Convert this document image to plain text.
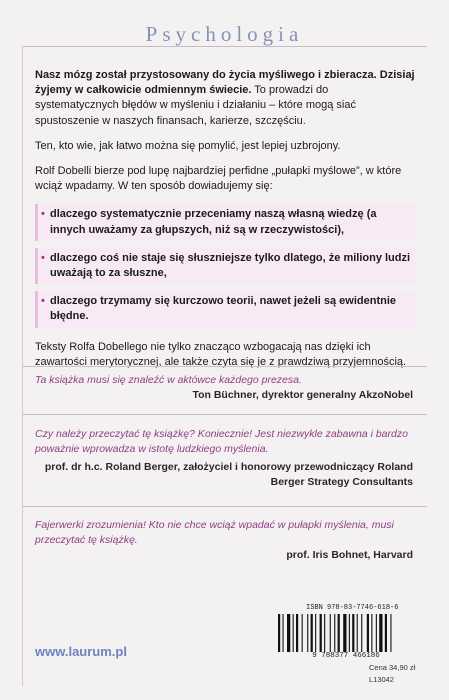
Psychologia

Nasz mózg został przystosowany do życia myśliwego i zbieracza. Dzisiaj żyjemy w całkowicie odmiennym świecie. To prowadzi do systematycznych błędów w myśleniu i działaniu – które mogą siać spustoszenie w naszych finansach, karierze, szczęściu.

Ten, kto wie, jak łatwo można się pomylić, jest lepiej uzbrojony.

Rolf Dobelli bierze pod lupę najbardziej perfidne „pułapki myślowe”, w które wciąż wpadamy. W ten sposób dowiadujemy się:

• dlaczego systematycznie przeceniamy naszą własną wiedzę (a innych uważamy za głupszych, niż są w rzeczywistości),
• dlaczego coś nie staje się słuszniejsze tylko dlatego, że miliony ludzi uważają to za słuszne,
• dlaczego trzymamy się kurczowo teorii, nawet jeżeli są ewidentnie błędne.

Teksty Rolfa Dobellego nie tylko znacząco wzbogacają nas dzięki ich zawartości merytorycznej, ale także czyta się je z prawdziwą przyjemnością.

Ta książka musi się znaleźć w aktówce każdego prezesa.
Ton Büchner, dyrektor generalny AkzoNobel
Czy należy przeczytać tę książkę? Koniecznie! Jest niezwykle zabawna i bardzo poważnie wprowadza w istotę ludzkiego myślenia.
prof. dr h.c. Roland Berger, założyciel i honorowy przewodniczący Roland Berger Strategy Consultants
Fajerwerki zrozumienia! Kto nie chce wciąż wpadać w pułapki myślenia, musi przeczytać tę książkę.
prof. Iris Bohnet, Harvard
www.laurum.pl
ISBN 978-83-7746-618-6
9 788377 466186
Cena 34,90 zł
L13042
